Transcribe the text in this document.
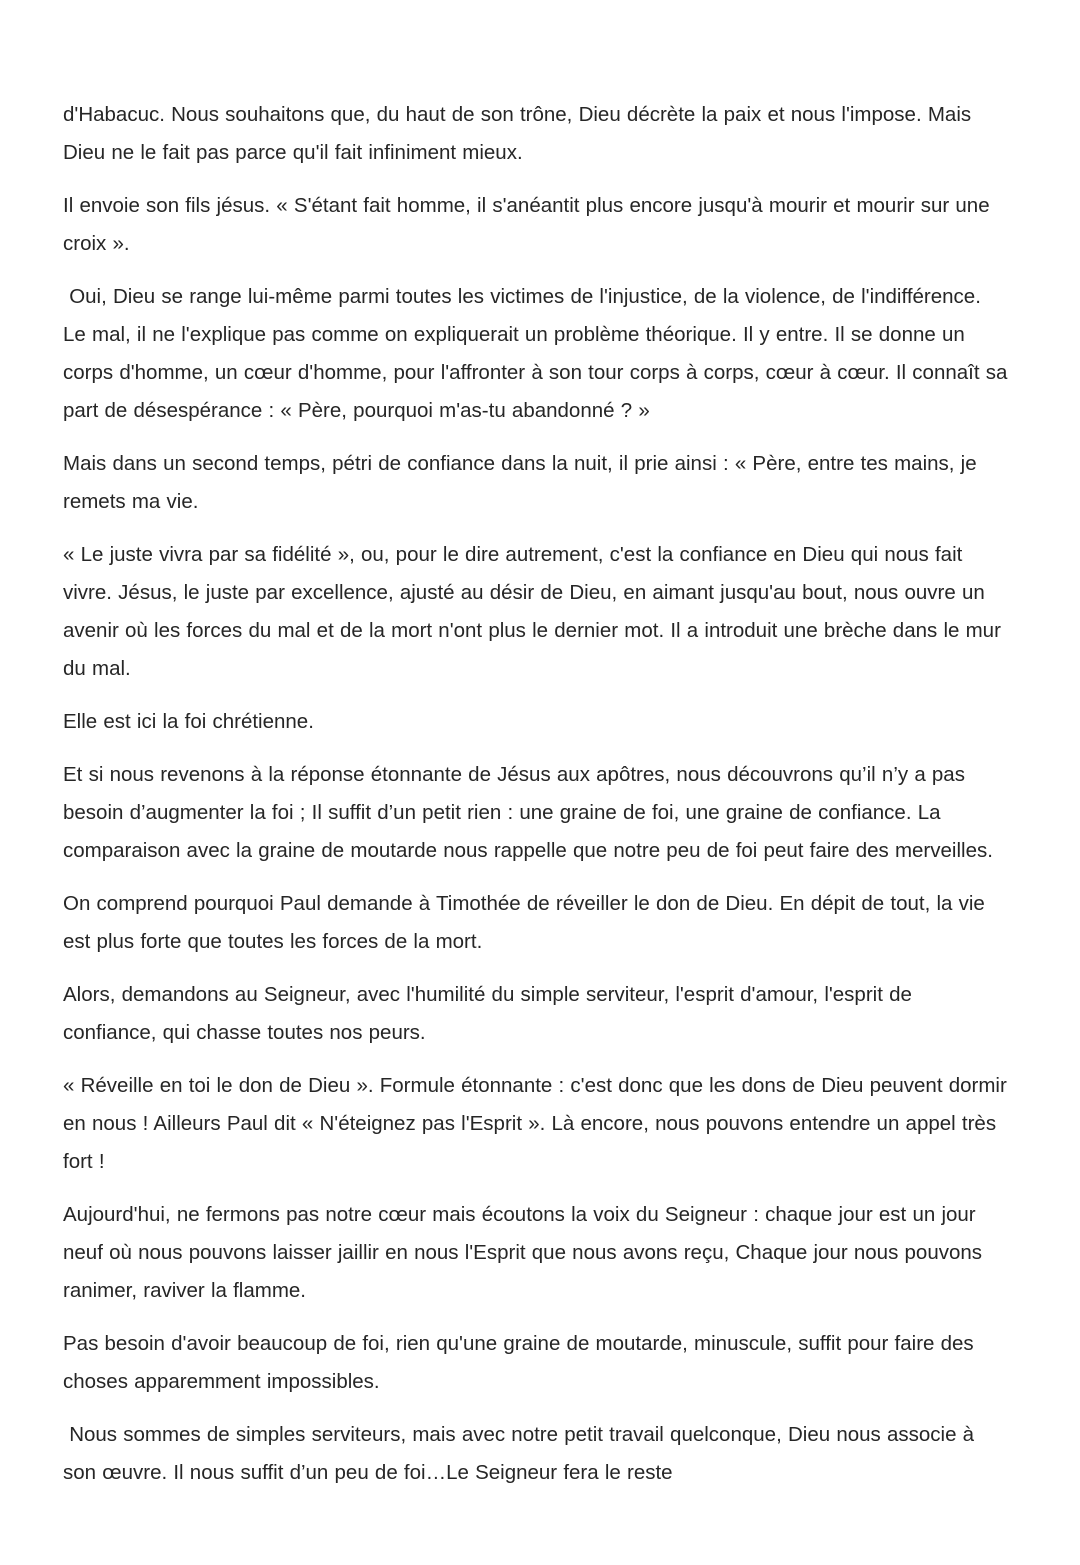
d'Habacuc. Nous souhaitons que, du haut de son trône, Dieu décrète la paix et nous l'impose. Mais Dieu ne le fait pas parce qu'il fait infiniment mieux.

Il envoie son fils jésus. « S'étant fait homme, il s'anéantit plus encore jusqu'à mourir et mourir sur une croix ».

Oui, Dieu se range lui-même parmi toutes les victimes de l'injustice, de la violence, de l'indifférence. Le mal, il ne l'explique pas comme on expliquerait un problème théorique. Il y entre. Il se donne un corps d'homme, un cœur d'homme, pour l'affronter à son tour corps à corps, cœur à cœur. Il connaît sa part de désespérance : « Père, pourquoi m'as-tu abandonné ? »

Mais dans un second temps, pétri de confiance dans la nuit, il prie ainsi : « Père, entre tes mains, je remets ma vie.

« Le juste vivra par sa fidélité », ou, pour le dire autrement, c'est la confiance en Dieu qui nous fait vivre. Jésus, le juste par excellence, ajusté au désir de Dieu, en aimant jusqu'au bout, nous ouvre un avenir où les forces du mal et de la mort n'ont plus le dernier mot. Il a introduit une brèche dans le mur du mal.

Elle est ici la foi chrétienne.

Et si nous revenons à la réponse étonnante de Jésus aux apôtres, nous découvrons qu’il n’y a pas besoin d’augmenter la foi ; Il suffit d’un petit rien : une graine de foi, une graine de confiance. La comparaison avec la graine de moutarde nous rappelle que notre peu de foi peut faire des merveilles.

On comprend pourquoi Paul demande à Timothée de réveiller le don de Dieu. En dépit de tout, la vie est plus forte que toutes les forces de la mort.

Alors, demandons au Seigneur, avec l'humilité du simple serviteur, l'esprit d'amour, l'esprit de confiance, qui chasse toutes nos peurs.

« Réveille en toi le don de Dieu ». Formule étonnante : c'est donc que les dons de Dieu peuvent dormir en nous ! Ailleurs Paul dit « N'éteignez pas l'Esprit ». Là encore, nous pouvons entendre un appel très fort !

Aujourd'hui, ne fermons pas notre cœur mais écoutons la voix du Seigneur : chaque jour est un jour neuf où nous pouvons laisser jaillir en nous l'Esprit que nous avons reçu, Chaque jour nous pouvons ranimer, raviver la flamme.

Pas besoin d'avoir beaucoup de foi, rien qu'une graine de moutarde, minuscule, suffit pour faire des choses apparemment impossibles.

Nous sommes de simples serviteurs, mais avec notre petit travail quelconque, Dieu nous associe à son œuvre. Il nous suffit d’un peu de foi…Le Seigneur fera le reste
